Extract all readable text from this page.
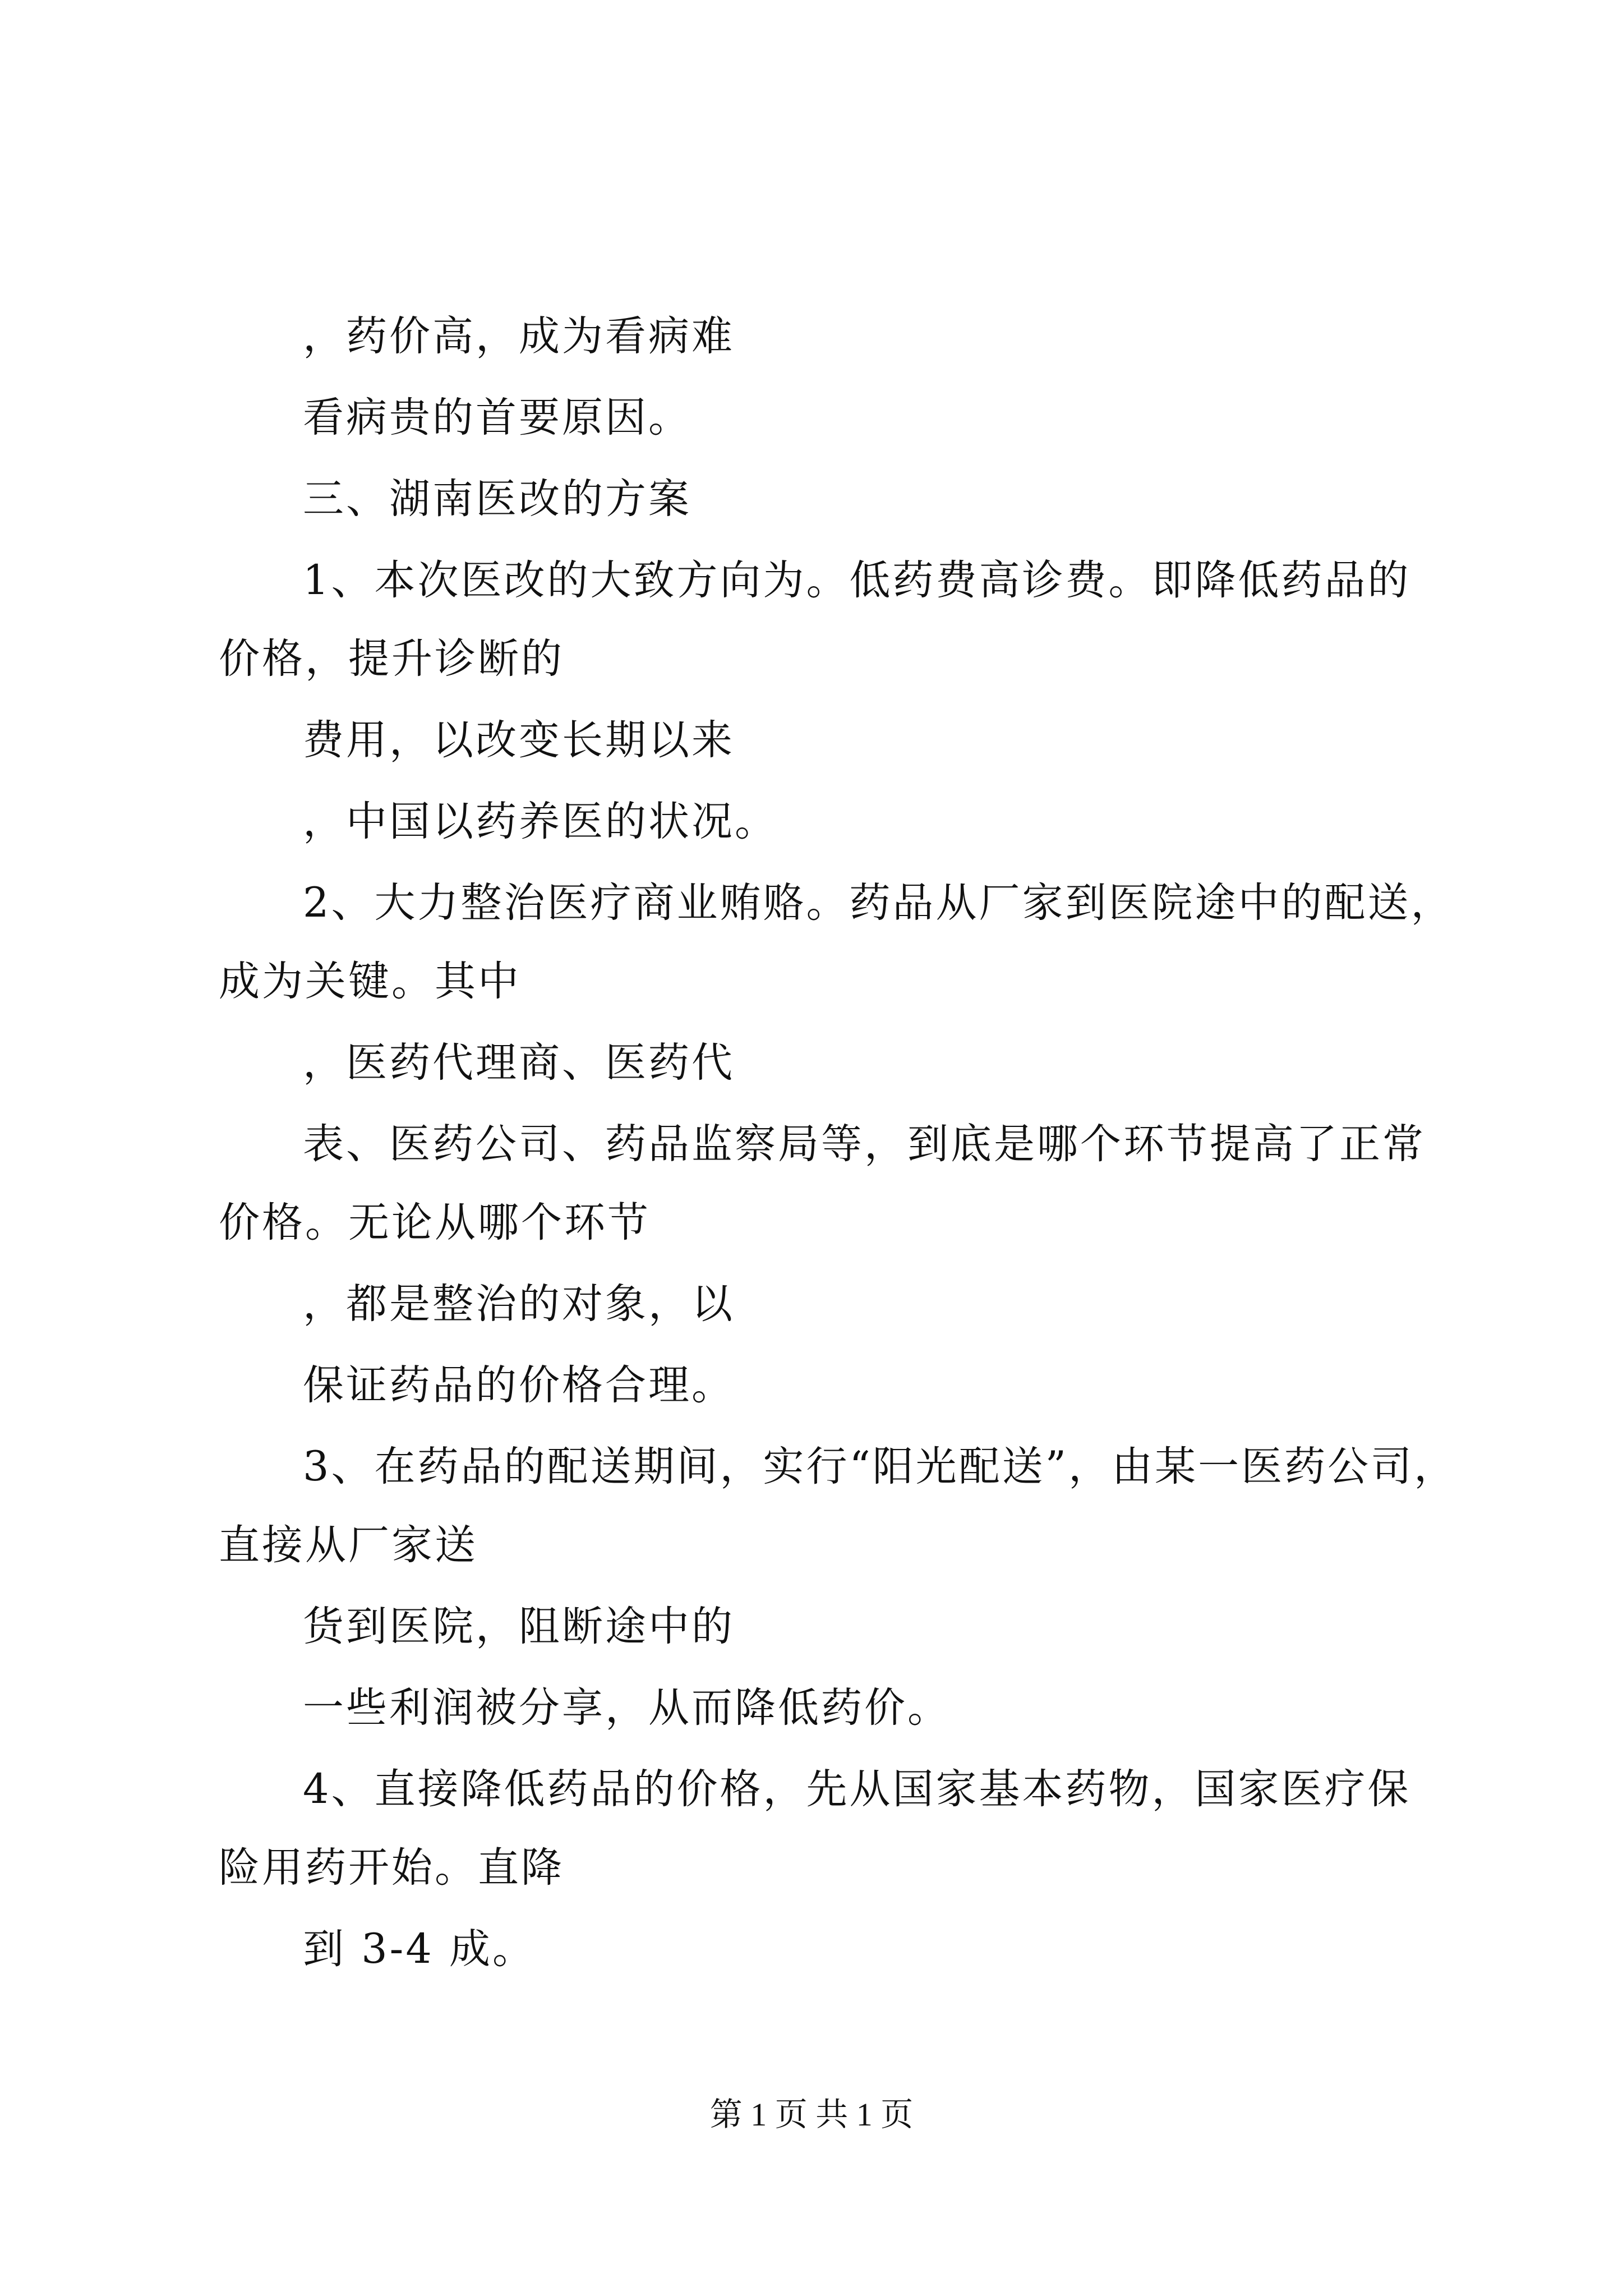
，药价高，成为看病难
看病贵的首要原因。
三、湖南医改的方案
1、本次医改的大致方向为。低药费高诊费。即降低药品的
价格，提升诊断的
费用，以改变长期以来
，中国以药养医的状况。
2、大力整治医疗商业贿赂。药品从厂家到医院途中的配送，
成为关键。其中
，医药代理商、医药代
表、医药公司、药品监察局等，到底是哪个环节提高了正常
价格。无论从哪个环节
，都是整治的对象，以
保证药品的价格合理。
3、在药品的配送期间，实行“阳光配送”，由某一医药公司，
直接从厂家送
货到医院，阻断途中的
一些利润被分享，从而降低药价。
4、直接降低药品的价格，先从国家基本药物，国家医疗保
险用药开始。直降
到 3-4 成。
第 1 页 共 1 页
